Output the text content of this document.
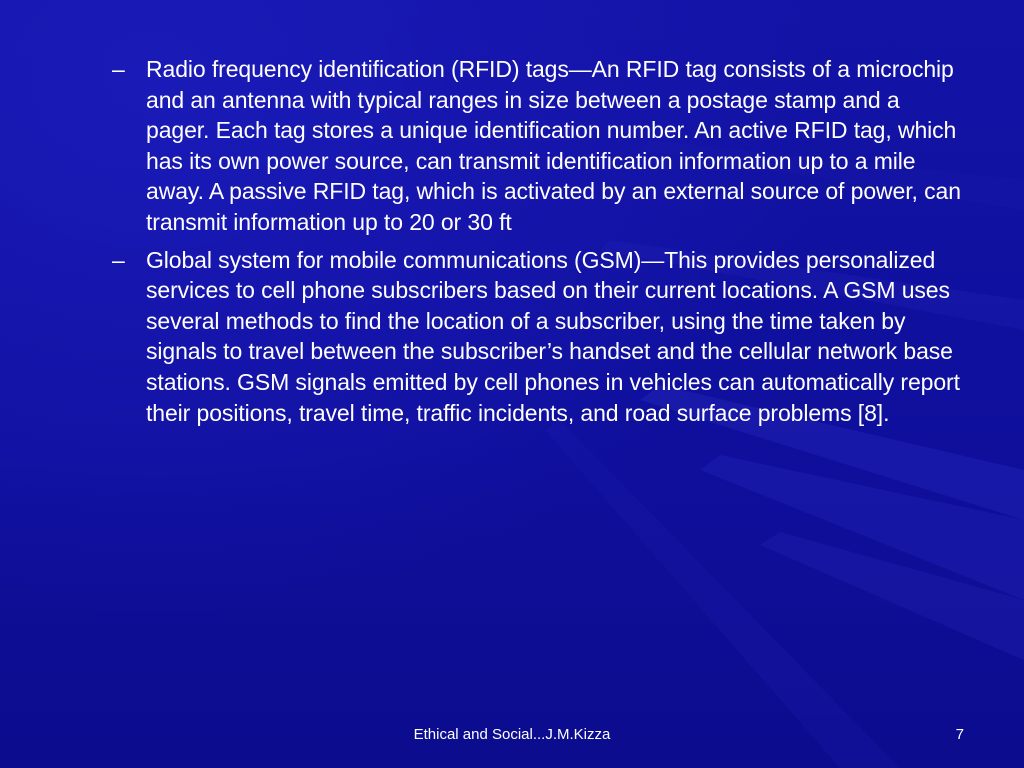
– Radio frequency identification (RFID) tags—An RFID tag consists of a microchip and an antenna with typical ranges in size between a postage stamp and a pager. Each tag stores a unique identification number. An active RFID tag, which has its own power source, can transmit identification information up to a mile away. A passive RFID tag, which is activated by an external source of power, can transmit information up to 20 or 30 ft
– Global system for mobile communications (GSM)—This provides personalized services to cell phone subscribers based on their current locations. A GSM uses several methods to find the location of a subscriber, using the time taken by signals to travel between the subscriber’s handset and the cellular network base stations. GSM signals emitted by cell phones in vehicles can automatically report their positions, travel time, traffic incidents, and road surface problems [8].
Ethical and Social...J.M.Kizza	7
